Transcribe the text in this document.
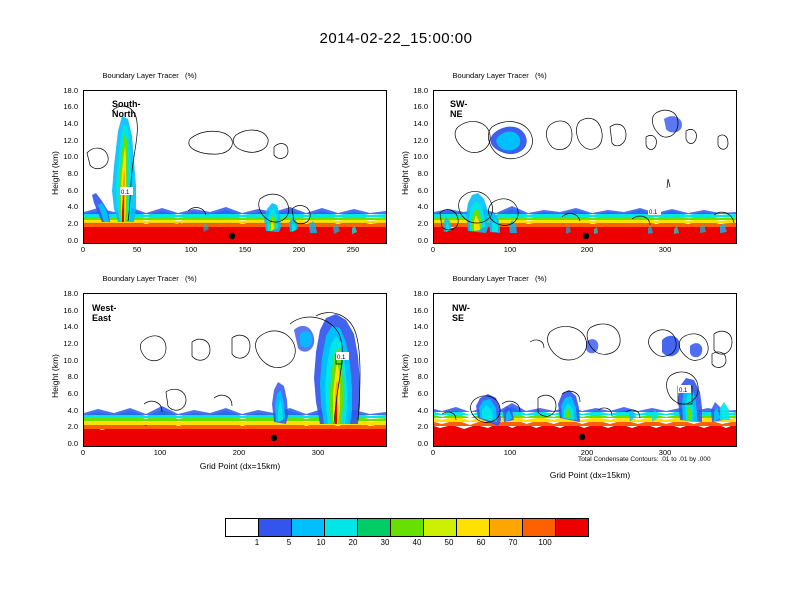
2014-02-22_15:00:00

Boundary Layer Tracer   (%)

Height (km)
18.0
16.0
14.0
12.0
10.0
8.0
6.0
4.0
2.0
0.0
0.1
South-North
0	50	100	150	200	250

Boundary Layer Tracer   (%)

Height (km)
18.0
16.0
14.0
12.0
10.0
8.0
6.0
4.0
2.0
0.0
0.1
SW-NE
0	100	200	300

Boundary Layer Tracer   (%)

Height (km)
18.0
16.0
14.0
12.0
10.0
8.0
6.0
4.0
2.0
0.0
0.1
West-East
0	100	200	300
Grid Point (dx=15km)

Boundary Layer Tracer   (%)

Height (km)
18.0
16.0
14.0
12.0
10.0
8.0
6.0
4.0
2.0
0.0
0.1
NW-SE
0	100	200	300
Total Condensate Contours: .01 to .01 by .000
Grid Point (dx=15km)
1	5	10	20	30	40	50	60	70	100
